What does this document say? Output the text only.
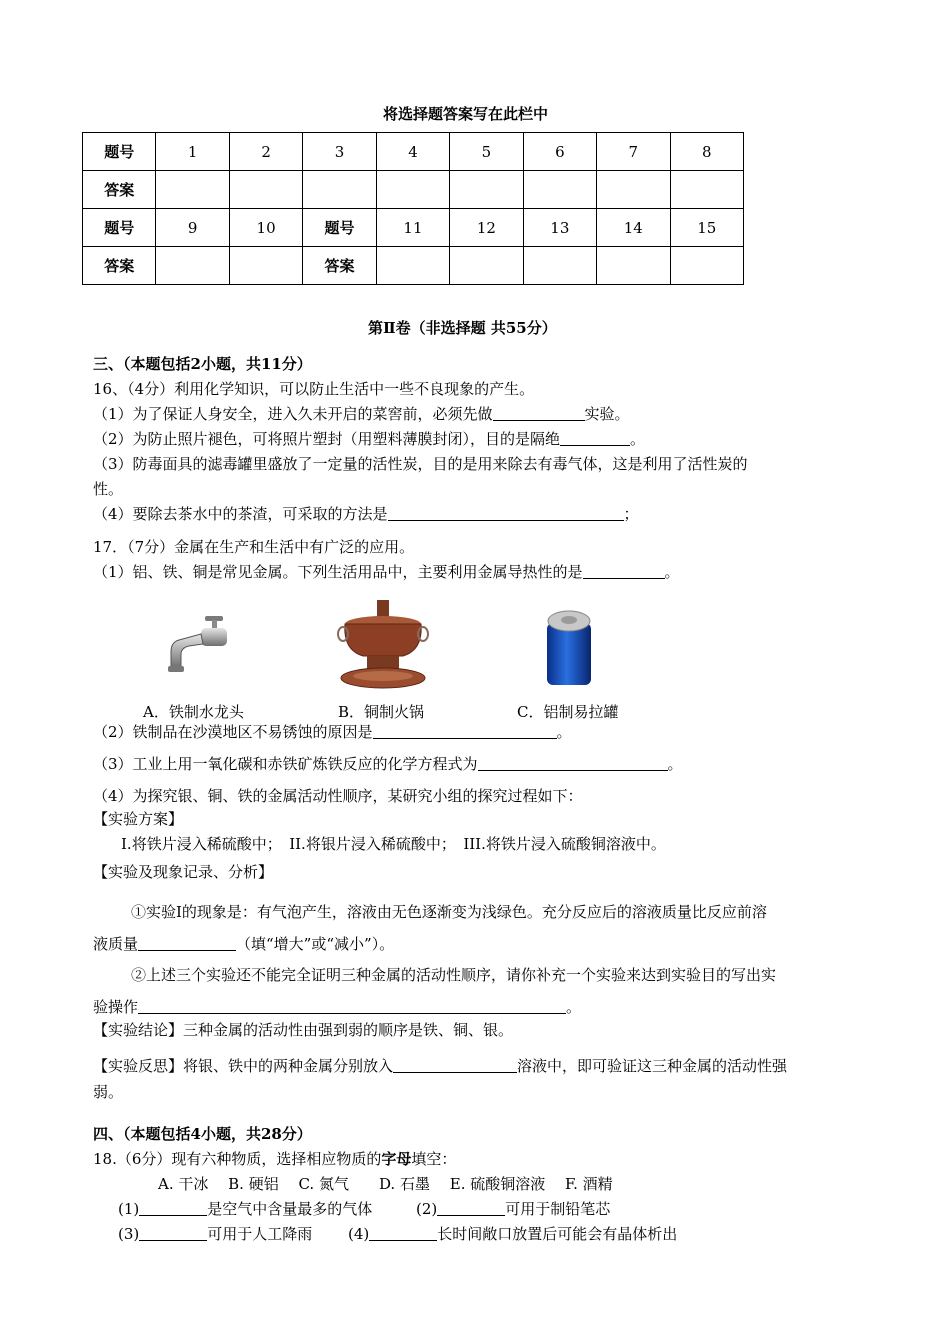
将选择题答案写在此栏中
题号	1	2	3	4	5	6	7	8
答案								
题号	9	10	题号	11	12	13	14	15
答案			答案					
第Ⅱ卷（非选择题 共55分）
三、（本题包括2小题，共11分）
16、（4分）利用化学知识，可以防止生活中一些不良现象的产生。
（1）为了保证人身安全，进入久未开启的菜窖前，必须先做	实验。
（2）为防止照片褪色，可将照片塑封（用塑料薄膜封闭），目的是隔绝	。
（3）防毒面具的滤毒罐里盛放了一定量的活性炭，目的是用来除去有毒气体，这是利用了活性炭的
性。
（4）要除去茶水中的茶渣，可采取的方法是	；
17．（7分）金属在生产和生活中有广泛的应用。
（1）铝、铁、铜是常见金属。下列生活用品中，主要利用金属导热性的是	。
A．铁制水龙头	B．铜制火锅	C．铝制易拉罐
（2）铁制品在沙漠地区不易锈蚀的原因是	。
（3）工业上用一氧化碳和赤铁矿炼铁反应的化学方程式为	。
（4）为探究银、铜、铁的金属活动性顺序，某研究小组的探究过程如下：
【实验方案】
Ⅰ.将铁片浸入稀硫酸中；　ⅠⅠ.将银片浸入稀硫酸中；　ⅠⅠⅠ.将铁片浸入硫酸铜溶液中。
【实验及现象记录、分析】
①实验Ⅰ的现象是：有气泡产生，溶液由无色逐渐变为浅绿色。充分反应后的溶液质量比反应前溶
液质量	（填“增大”或“减小”）。
②上述三个实验还不能完全证明三种金属的活动性顺序，请你补充一个实验来达到实验目的写出实
验操作	。
【实验结论】三种金属的活动性由强到弱的顺序是铁、铜、银。
【实验反思】将银、铁中的两种金属分别放入	溶液中，即可验证这三种金属的活动性强
弱。
四、（本题包括4小题，共28分）
18.（6分）现有六种物质，选择相应物质的字母填空：
A. 干冰　 B. 硬铝　 C. 氮气　　D. 石墨　 E. 硫酸铜溶液　 F. 酒精
(1)	是空气中含量最多的气体	(2)	可用于制铅笔芯
(3)	可用于人工降雨 (4)	长时间敞口放置后可能会有晶体析出
